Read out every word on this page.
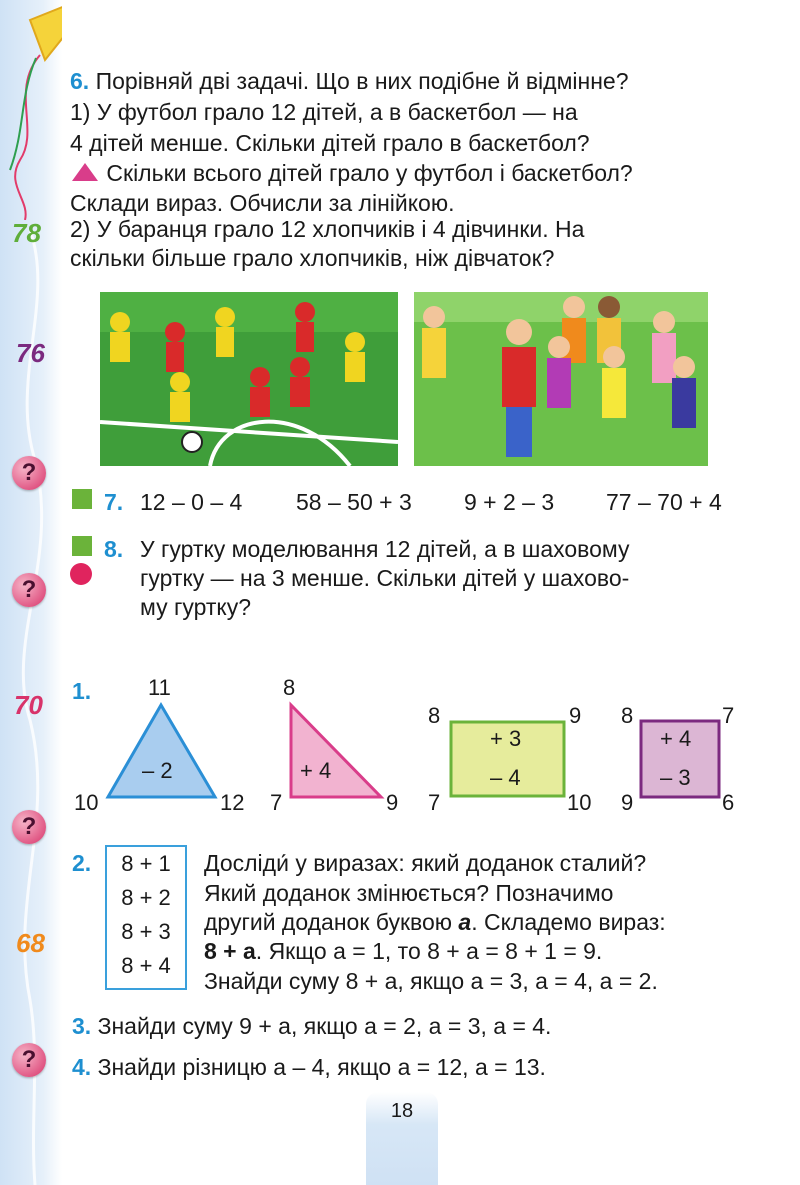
78
76
70
68
?
?
?
?
6. Порівняй дві задачі. Що в них подібне й відмінне?
1) У футбол грало 12 дітей, а в баскетбол — на
4 дітей менше. Скільки дітей грало в баскетбол?
Скільки всього дітей грало у футбол і баскетбол?
Склади вираз. Обчисли за лінійкою.
2) У баранця грало 12 хлопчиків і 4 дівчинки. На
скільки більше грало хлопчиків, ніж дівчаток?
7. 12 – 0 – 4 58 – 50 + 3 9 + 2 – 3 77 – 70 + 4
8. У гуртку моделювання 12 дітей, а в шаховому
гуртку — на 3 менше. Скільки дітей у шахово-
му гуртку?
1.	11
10	12
– 2
8
7	9
+ 4
8	9
7	10
+ 3
– 4
8	7
9	6
+ 4
– 3
2.	8 + 1
8 + 2
8 + 3
8 + 4
Досліди́ у виразах: який доданок сталий?
Який доданок змінюється? Позначимо
другий доданок буквою а. Складемо вираз:
8 + а. Якщо а = 1, то 8 + а = 8 + 1 = 9.
Знайди суму 8 + а, якщо а = 3, а = 4, а = 2.
3. Знайди суму 9 + а, якщо а = 2, а = 3, а = 4.
4. Знайди різницю а – 4, якщо а = 12, а = 13.
18
